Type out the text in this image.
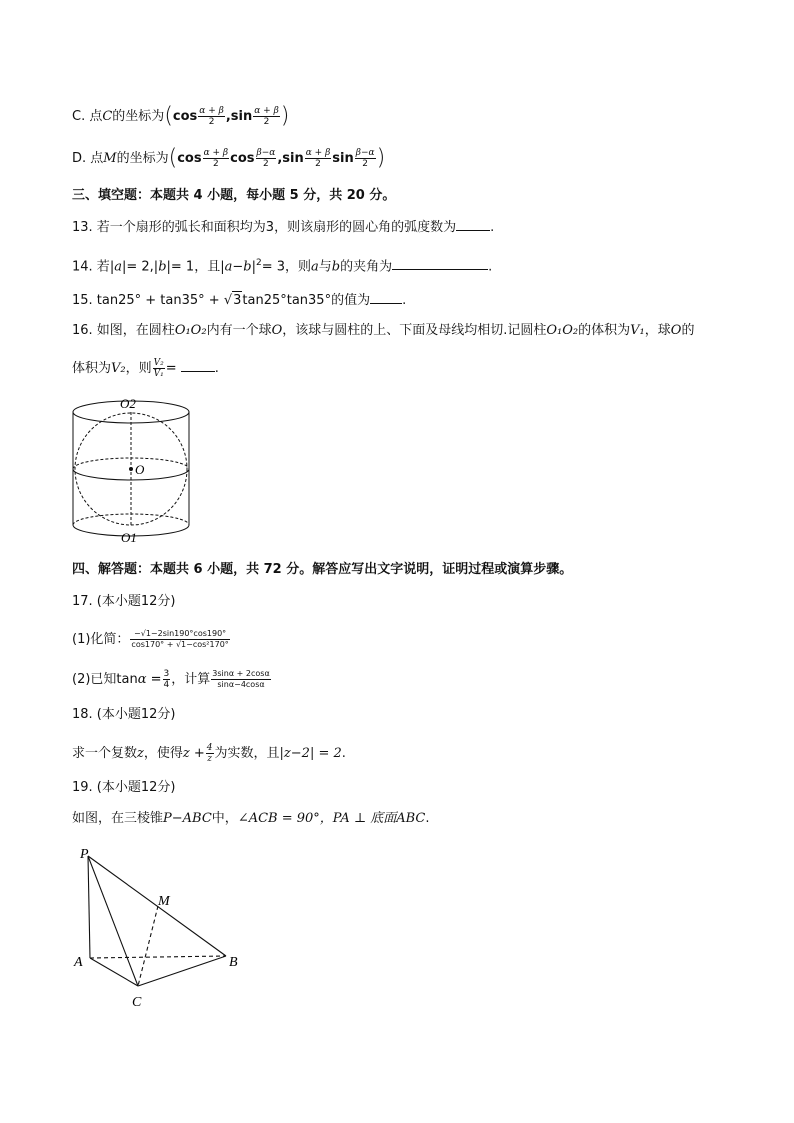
C. 点C的坐标为($\cos \frac{\alpha + \beta}{2} ,\sin \frac{\alpha + \beta}{2}$ )
D. 点M的坐标为($\cos \frac{\alpha + \beta}{2}$ $\cos \frac{\beta-\alpha}{2} ,\sin \frac{\alpha + \beta}{2}$ $\sin \frac{\beta-\alpha}{2}$ )
三、填空题：本题共 4 小题，每小题 5 分，共 20 分。
13. 若一个扇形的弧长和面积均为3，则该扇形的圆心角的弧度数为	.
14. 若|a|= 2,|b|= 1，且$|a-b|^2= 3$，则a与b的夹角为	.
15. tan25° + tan35° + √3tan25°tan35°的值为 .
16. 如图，在圆柱O₁O₂内有一个球O，该球与圆柱的上、下面及母线均相切.记圆柱O₁O₂的体积为V₁，球O的
体积为V₂，则 $\frac{\text{V₂}}{\text{V₁}}$ =	.
O2
O
O1
四、解答题：本题共 6 小题，共 72 分。解答应写出文字说明，证明过程或演算步骤。
17. (本小题12分)
(1)化简： $\frac{-√1-2\sin 190^\circ\cos 190^\circ}{\text{cos170° + √1−cos²170°}}$
(2)已知$\tan\alpha = \frac{3}{4}$ ，计算 $\frac{3\sin\alpha + 2\cos\alpha}{\sin\alpha-4\cos\alpha}$
18. (本小题12分)
求一个复数z，使得$z + \frac{4}{z}$ 为实数，且|z−2| = 2.
19. (本小题12分)
如图，在三棱锥P−ABC中，∠ACB = 90°，PA ⊥ 底面ABC.
P
M
A	B
C
